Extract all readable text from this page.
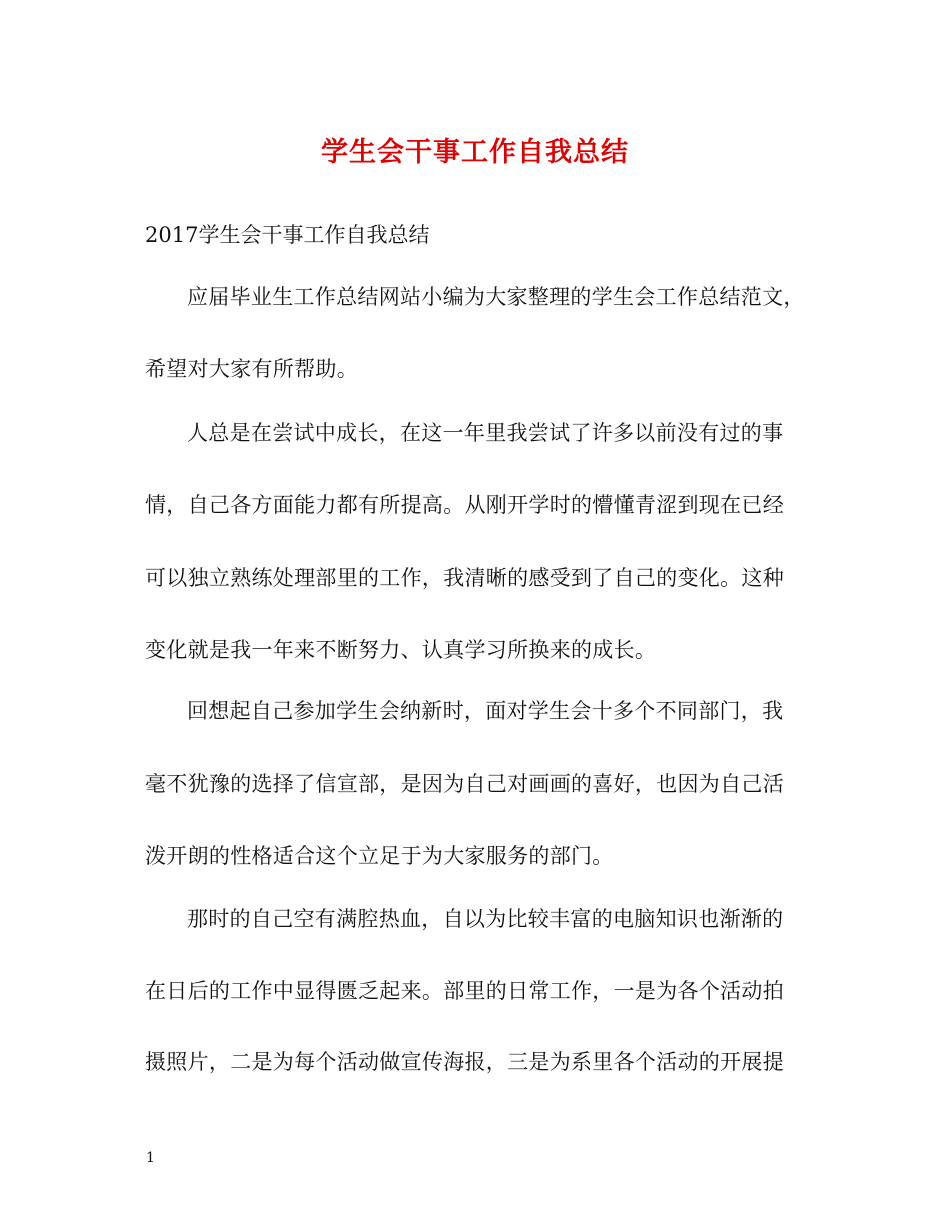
学生会干事工作自我总结

2017学生会干事工作自我总结

应届毕业生工作总结网站小编为大家整理的学生会工作总结范文，

希望对大家有所帮助。

人总是在尝试中成长，在这一年里我尝试了许多以前没有过的事

情，自己各方面能力都有所提高。从刚开学时的懵懂青涩到现在已经

可以独立熟练处理部里的工作，我清晰的感受到了自己的变化。这种

变化就是我一年来不断努力、认真学习所换来的成长。

回想起自己参加学生会纳新时，面对学生会十多个不同部门，我

毫不犹豫的选择了信宣部，是因为自己对画画的喜好，也因为自己活

泼开朗的性格适合这个立足于为大家服务的部门。

那时的自己空有满腔热血，自以为比较丰富的电脑知识也渐渐的

在日后的工作中显得匮乏起来。部里的日常工作，一是为各个活动拍

摄照片，二是为每个活动做宣传海报，三是为系里各个活动的开展提

1
